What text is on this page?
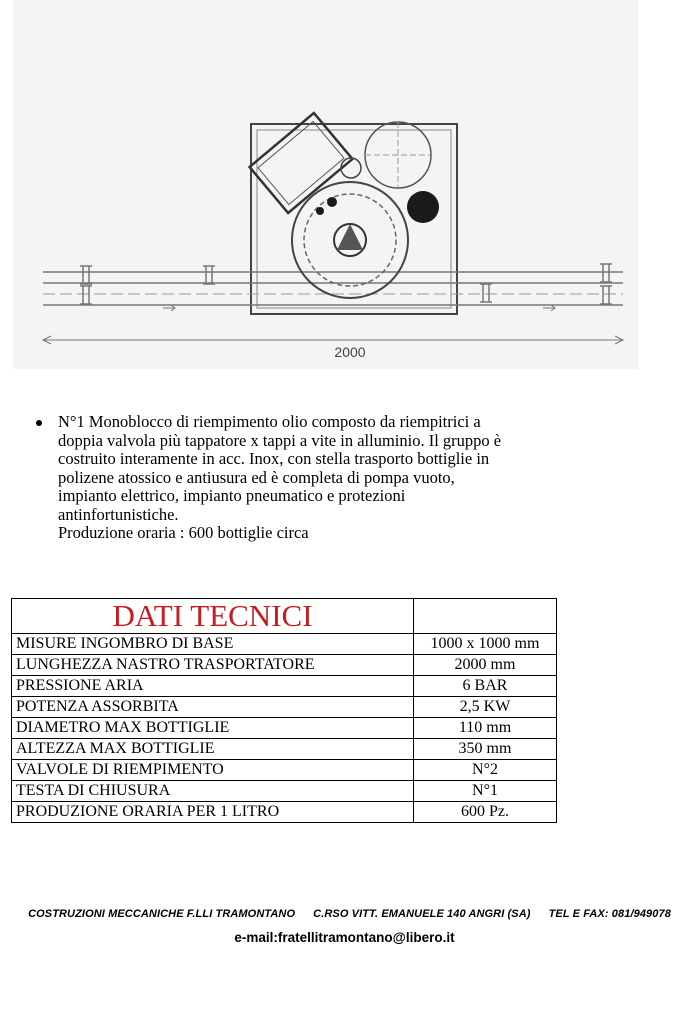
2000

N°1 Monoblocco di riempimento olio composto da riempitrici a

doppia valvola più tappatore x tappi a vite in alluminio. Il gruppo è

costruito interamente in acc. Inox, con stella trasporto bottiglie in

polizene atossico e antiusura ed è completa di pompa vuoto,

impianto elettrico, impianto pneumatico e protezioni

antinfortunistiche.

Produzione oraria : 600 bottiglie circa

DATI TECNICI	
MISURE INGOMBRO DI BASE	1000 x 1000 mm
LUNGHEZZA NASTRO TRASPORTATORE	2000 mm
PRESSIONE ARIA	6 BAR
POTENZA ASSORBITA	2,5 KW
DIAMETRO MAX BOTTIGLIE	110 mm
ALTEZZA MAX BOTTIGLIE	350 mm
VALVOLE DI RIEMPIMENTO	N°2
TESTA DI CHIUSURA	N°1
PRODUZIONE ORARIA PER 1 LITRO	600 Pz.
COSTRUZIONI MECCANICHE F.LLI TRAMONTANO C.RSO VITT. EMANUELE 140 ANGRI (SA) TEL E FAX: 081/949078
e-mail:fratellitramontano@libero.it
